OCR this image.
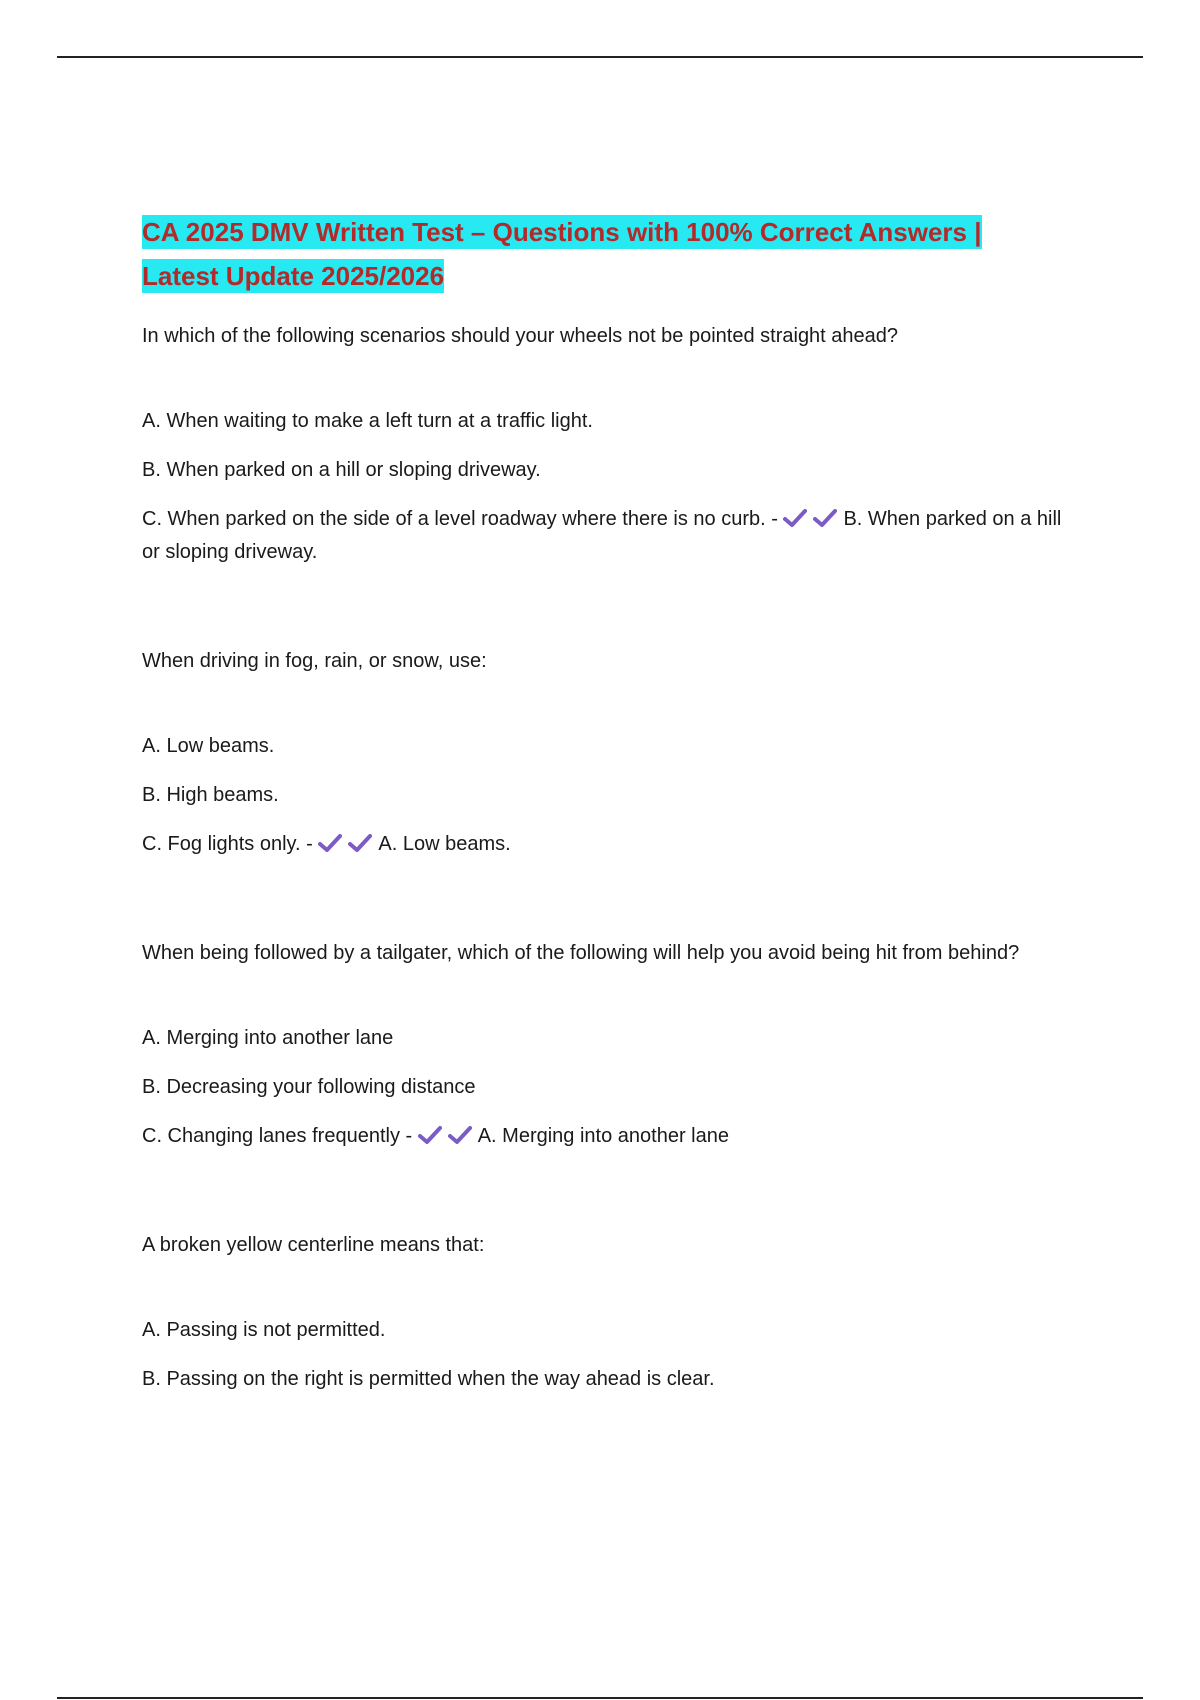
CA 2025 DMV Written Test – Questions with 100% Correct Answers |
Latest Update 2025/2026
In which of the following scenarios should your wheels not be pointed straight ahead?
A. When waiting to make a left turn at a traffic light.
B. When parked on a hill or sloping driveway.
C. When parked on the side of a level roadway where there is no curb. -	B. When parked on a hill or sloping driveway.
When driving in fog, rain, or snow, use:
A. Low beams.
B. High beams.
C. Fog lights only. -	A. Low beams.
When being followed by a tailgater, which of the following will help you avoid being hit from behind?
A. Merging into another lane
B. Decreasing your following distance
C. Changing lanes frequently -	A. Merging into another lane
A broken yellow centerline means that:
A. Passing is not permitted.
B. Passing on the right is permitted when the way ahead is clear.
